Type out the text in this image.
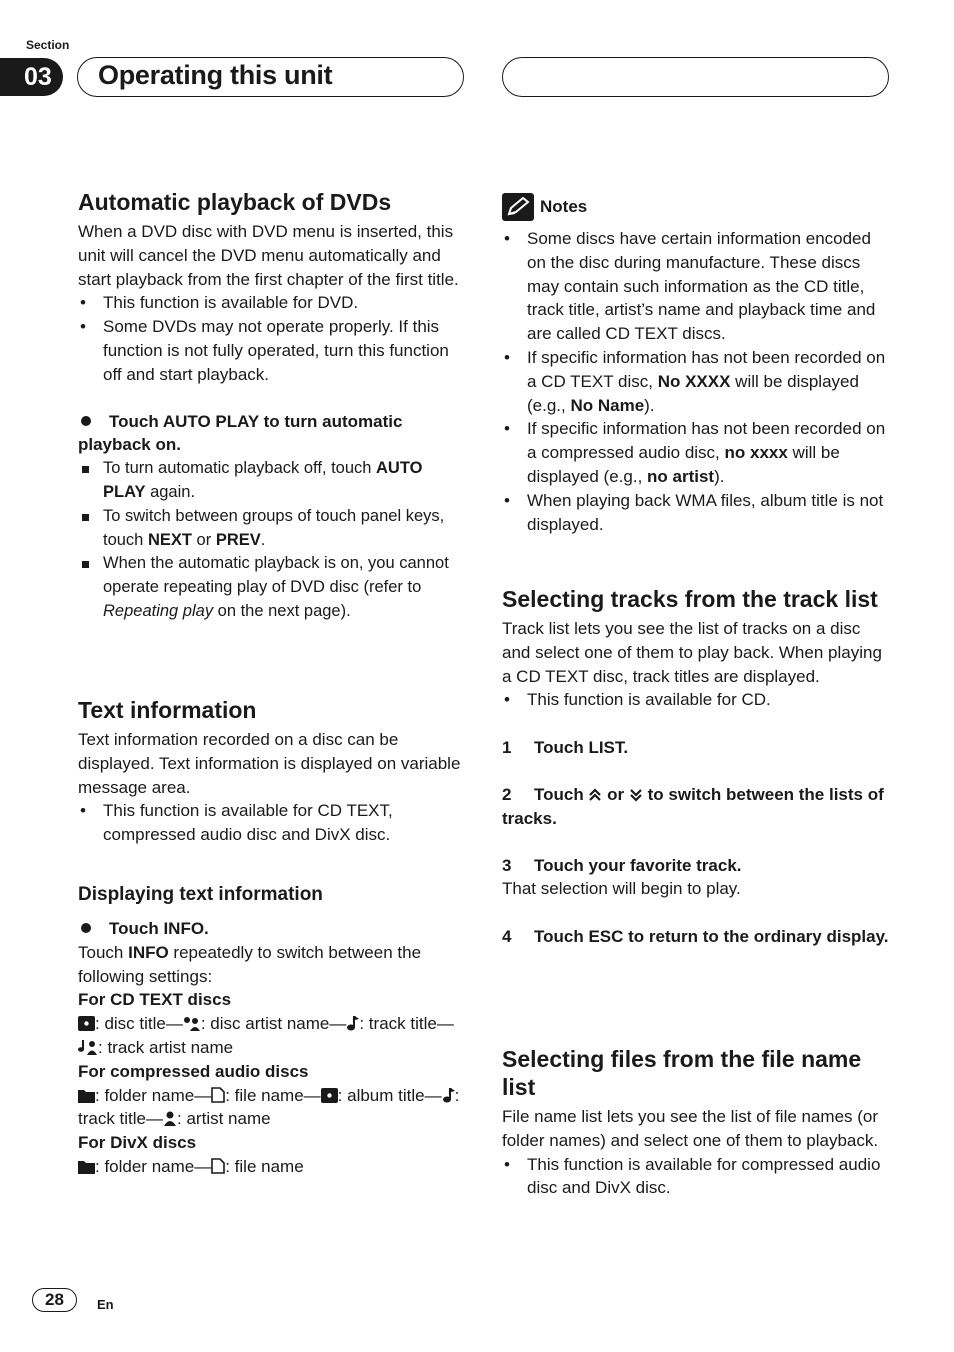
Section
03	Operating this unit
Automatic playback of DVDs

When a DVD disc with DVD menu is inserted, this unit will cancel the DVD menu automatically and start playback from the first chapter of the first title.

• This function is available for DVD.
• Some DVDs may not operate properly. If this function is not fully operated, turn this function off and start playback.
Touch AUTO PLAY to turn automatic playback on.
To turn automatic playback off, touch AUTO PLAY again.
To switch between groups of touch panel keys, touch NEXT or PREV.
When the automatic playback is on, you cannot operate repeating play of DVD disc (refer to Repeating play on the next page).
Text information

Text information recorded on a disc can be displayed. Text information is displayed on variable message area.

• This function is available for CD TEXT, compressed audio disc and DivX disc.
Displaying text information
Touch INFO.

Touch INFO repeatedly to switch between the following settings:

For CD TEXT discs

: disc title— : disc artist name— : track title—: track artist name

For compressed audio discs

: folder name— : file name— : album title— : track title— : artist name

For DivX discs

: folder name— : file name

Notes
• Some discs have certain information encoded on the disc during manufacture. These discs may contain such information as the CD title, track title, artist’s name and playback time and are called CD TEXT discs.
• If specific information has not been recorded on a CD TEXT disc, No XXXX will be displayed (e.g., No Name).
• If specific information has not been recorded on a compressed audio disc, no xxxx will be displayed (e.g., no artist).
• When playing back WMA files, album title is not displayed.
Selecting tracks from the track list

Track list lets you see the list of tracks on a disc and select one of them to play back. When playing a CD TEXT disc, track titles are displayed.

• This function is available for CD.
1 Touch LIST.
2 Touch  or  to switch between the lists of tracks.
3 Touch your favorite track.

That selection will begin to play.

4 Touch ESC to return to the ordinary display.
Selecting files from the file name list

File name list lets you see the list of file names (or folder names) and select one of them to playback.

• This function is available for compressed audio disc and DivX disc.
28	En
